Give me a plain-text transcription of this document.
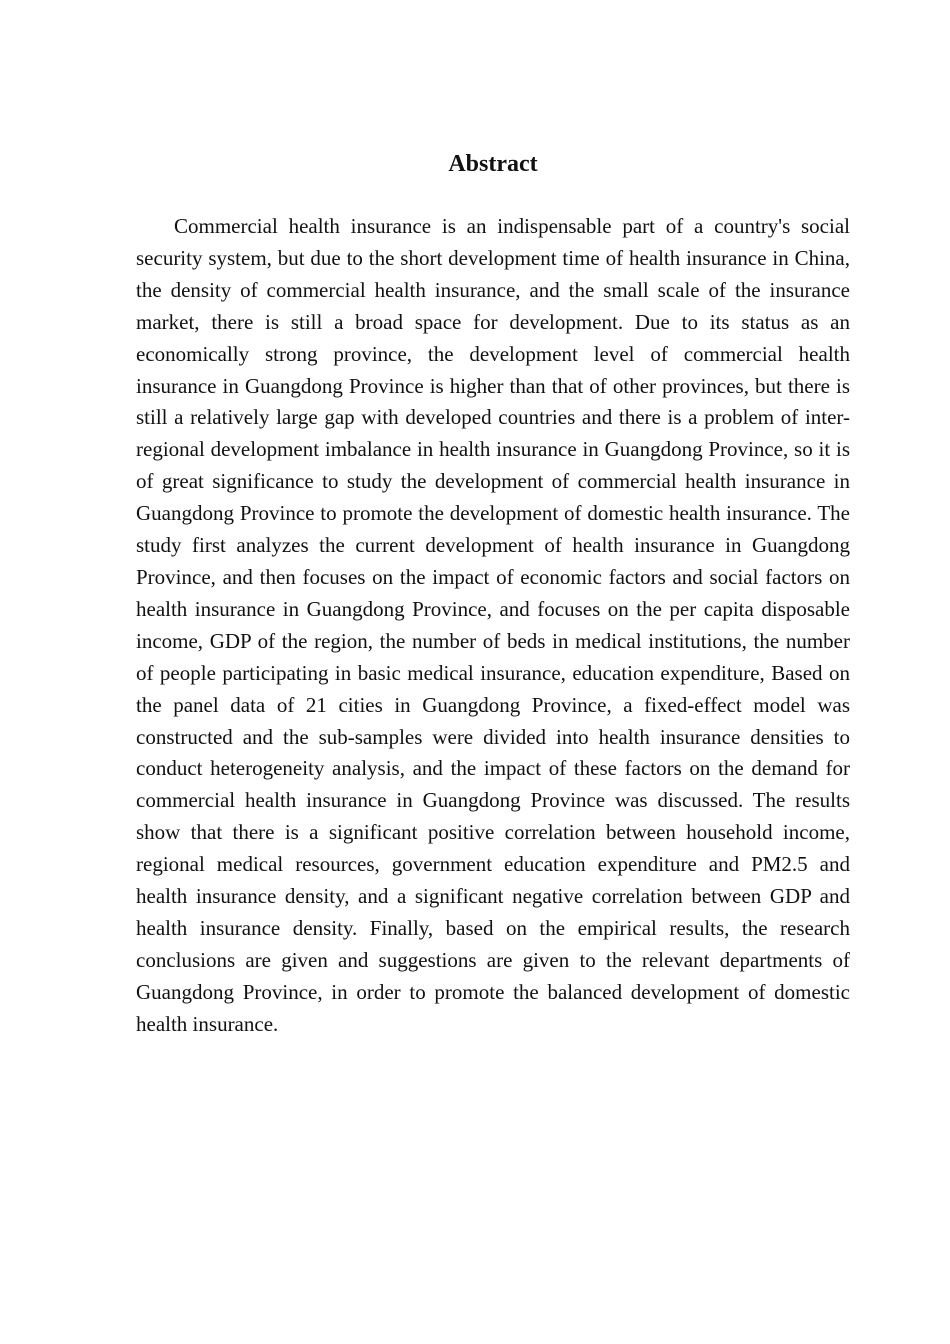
Abstract

Commercial health insurance is an indispensable part of a country's social security system, but due to the short development time of health insurance in China, the density of commercial health insurance, and the small scale of the insurance market, there is still a broad space for development. Due to its status as an economically strong province, the development level of commercial health insurance in Guangdong Province is higher than that of other provinces, but there is still a relatively large gap with developed countries and there is a problem of inter-regional development imbalance in health insurance in Guangdong Province, so it is of great significance to study the development of commercial health insurance in Guangdong Province to promote the development of domestic health insurance. The study first analyzes the current development of health insurance in Guangdong Province, and then focuses on the impact of economic factors and social factors on health insurance in Guangdong Province, and focuses on the per capita disposable income, GDP of the region, the number of beds in medical institutions, the number of people participating in basic medical insurance, education expenditure, Based on the panel data of 21 cities in Guangdong Province, a fixed-effect model was constructed and the sub-samples were divided into health insurance densities to conduct heterogeneity analysis, and the impact of these factors on the demand for commercial health insurance in Guangdong Province was discussed. The results show that there is a significant positive correlation between household income, regional medical resources, government education expenditure and PM2.5 and health insurance density, and a significant negative correlation between GDP and health insurance density. Finally, based on the empirical results, the research conclusions are given and suggestions are given to the relevant departments of Guangdong Province, in order to promote the balanced development of domestic health insurance.
